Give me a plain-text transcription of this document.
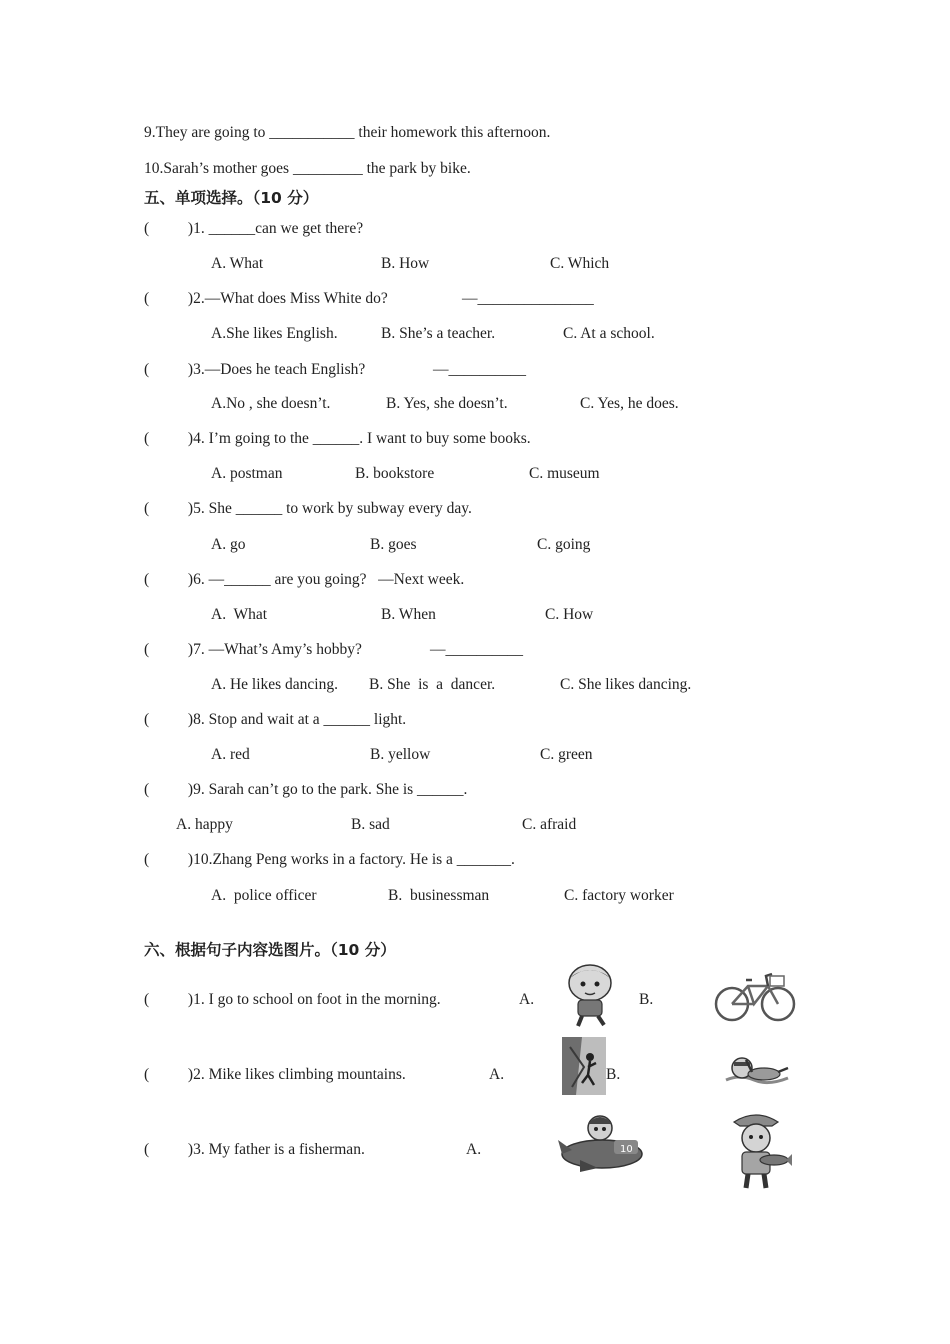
9.They are going to ___________ their homework this afternoon.
10.Sarah’s mother goes _________ the park by bike.
五、单项选择。（10 分）
(          )1. ______can we get there?
A. What	B. How	C. Which
(          )2.—What does Miss White do?	—_______________
A.She likes English.	B. She’s a teacher.	C. At a school.
(          )3.—Does he teach English?	—__________
A.No , she doesn’t.	B. Yes, she doesn’t.	C. Yes, he does.
(          )4. I’m going to the ______. I want to buy some books.
A. postman	B. bookstore	C. museum
(          )5. She ______ to work by subway every day.
A. go	B. goes	C. going
(          )6. —______ are you going?   —Next week.
A.  What	B. When	C. How
(          )7. —What’s Amy’s hobby?	—__________
A. He likes dancing. B. She  is  a  dancer.	C. She likes dancing.
(          )8. Stop and wait at a ______ light.
A. red	B. yellow	C. green
(          )9. Sarah can’t go to the park. She is ______.
A. happy	B. sad	C. afraid
(          )10.Zhang Peng works in a factory. He is a _______.
A.  police officer	B.  businessman	C. factory worker
六、根据句子内容选图片。（10 分）
(          )1. I go to school on foot in the morning.	A.	B.
(          )2. Mike likes climbing mountains.	A.	B.
(          )3. My father is a fisherman.	A.	10
